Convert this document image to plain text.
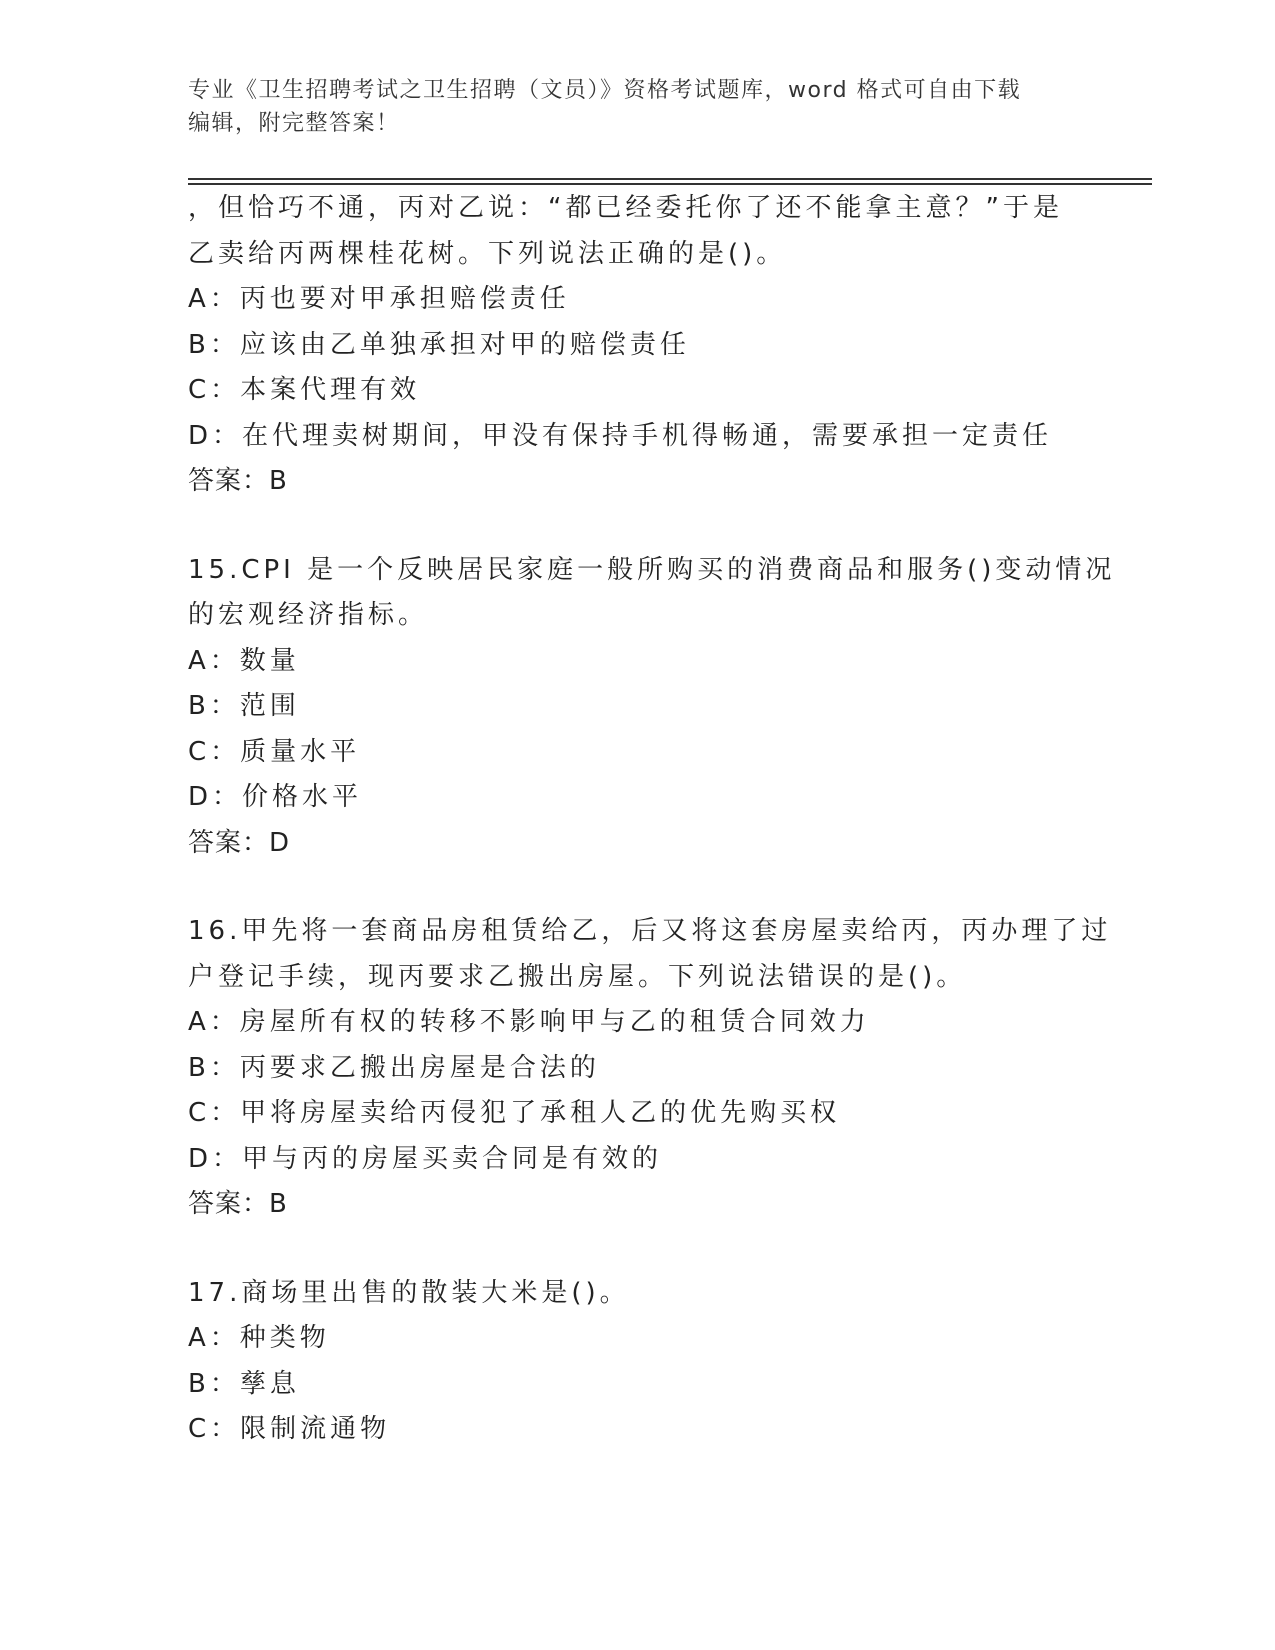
专业《卫生招聘考试之卫生招聘（文员）》资格考试题库，word 格式可自由下载
编辑，附完整答案！
，但恰巧不通，丙对乙说：“都已经委托你了还不能拿主意？”于是
乙卖给丙两棵桂花树。下列说法正确的是()。
A：丙也要对甲承担赔偿责任
B：应该由乙单独承担对甲的赔偿责任
C：本案代理有效
D：在代理卖树期间，甲没有保持手机得畅通，需要承担一定责任
答案：B
15.CPI 是一个反映居民家庭一般所购买的消费商品和服务()变动情况
的宏观经济指标。
A：数量
B：范围
C：质量水平
D：价格水平
答案：D
16.甲先将一套商品房租赁给乙，后又将这套房屋卖给丙，丙办理了过
户登记手续，现丙要求乙搬出房屋。下列说法错误的是()。
A：房屋所有权的转移不影响甲与乙的租赁合同效力
B：丙要求乙搬出房屋是合法的
C：甲将房屋卖给丙侵犯了承租人乙的优先购买权
D：甲与丙的房屋买卖合同是有效的
答案：B
17.商场里出售的散装大米是()。
A：种类物
B：孳息
C：限制流通物
